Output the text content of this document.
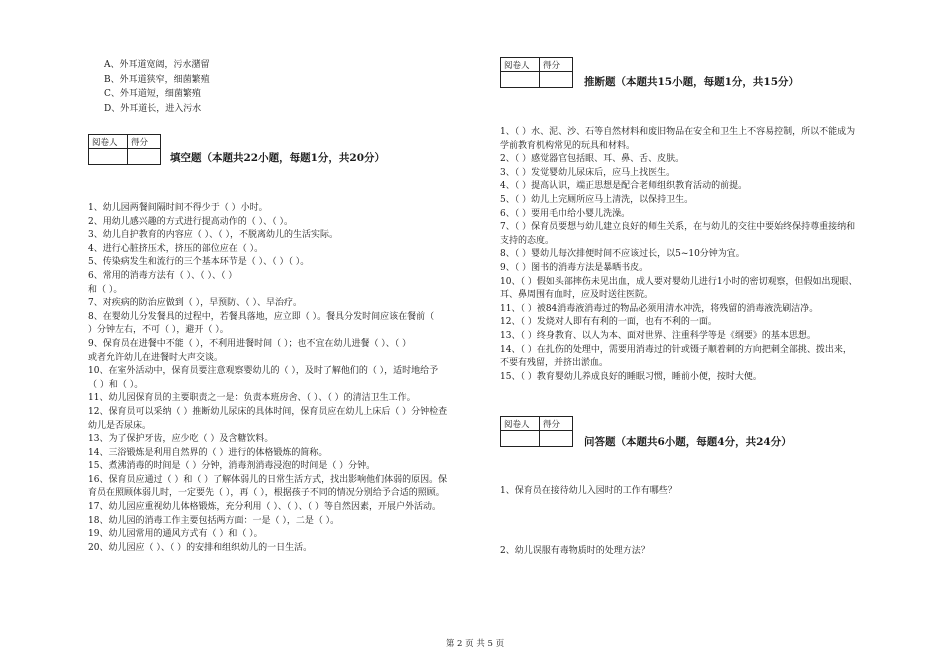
A、外耳道宽阔，污水潴留
B、外耳道狭窄，细菌繁殖
C、外耳道短，细菌繁殖
D、外耳道长，进入污水
阅卷人	得分

填空题（本题共22小题，每题1分，共20分）
1、幼儿园两餐间隔时间不得少于（ ）小时。
2、用幼儿感兴趣的方式进行提高动作的（ ）、（ ）。
3、幼儿自护教育的内容应（ ）、（ ），不脱离幼儿的生活实际。
4、进行心脏挤压术，挤压的部位应在（ ）。
5、传染病发生和流行的三个基本环节是（ ）、（ ）（ ）。
6、常用的消毒方法有（ ）、（ ）、（ ）
和（ ）。
7、对疾病的防治应做到（ ），早预防、（ ）、早治疗。
8、在婴幼儿分发餐具的过程中，若餐具落地，应立即（ ）。餐具分发时间应该在餐前（
）分钟左右，不可（ ），避开（ ）。
9、保育员在进餐中不能（ ），不利用进餐时间（ ）；也不宜在幼儿进餐（ ）、（ ）
或者允许幼儿在进餐时大声交谈。
10、在室外活动中，保育员要注意观察婴幼儿的（ ），及时了解他们的（ ），适时地给予
（ ）和（ ）。
11、幼儿园保育员的主要职责之一是：负责本班房舍、（ ）、（ ）的清洁卫生工作。
12、保育员可以采纳（ ）推断幼儿尿床的具体时间，保育员应在幼儿上床后（ ）分钟检查
幼儿是否尿床。
13、为了保护牙齿，应少吃（ ）及含糖饮料。
14、三浴锻炼是利用自然界的（ ）进行的体格锻炼的简称。
15、煮沸消毒的时间是（ ）分钟，消毒剂消毒浸泡的时间是（ ）分钟。
16、保育员应通过（ ）和（ ）了解体弱儿的日常生活方式，找出影响他们体弱的原因。保
育员在照顾体弱儿时，一定要先（ ），再（ ），根据孩子不同的情况分别给予合适的照顾。
17、幼儿园应重视幼儿体格锻炼，充分利用（ ）、（ ）、（ ）等自然因素，开展户外活动。
18、幼儿园的消毒工作主要包括两方面：一是（ ），二是（ ）。
19、幼儿园常用的通风方式有（ ）和（ ）。
20、幼儿园应（ ）、（ ）的安排和组织幼儿的一日生活。
阅卷人	得分

推断题（本题共15小题，每题1分，共15分）
1、（ ）水、泥、沙、石等自然材料和废旧物品在安全和卫生上不容易控制，所以不能成为
学前教育机构常见的玩具和材料。
2、（ ）感觉器官包括眼、耳、鼻、舌、皮肤。
3、（ ）发觉婴幼儿尿床后，应马上找医生。
4、（ ）提高认识，端正思想是配合老师组织教育活动的前提。
5、（ ）幼儿上完厕所应马上清洗，以保持卫生。
6、（ ）要用毛巾给小婴儿洗澡。
7、（ ）保育员要想与幼儿建立良好的师生关系，在与幼儿的交往中要始终保持尊重接纳和
支持的态度。
8、（ ）婴幼儿每次排便时间不应该过长，以5~10分钟为宜。
9、（ ）图书的消毒方法是暴晒书皮。
10、（ ）假如头部摔伤未见出血，成人要对婴幼儿进行1小时的密切观察，但假如出现眼、
耳、鼻周围有血时，应及时送往医院。
11、（ ）被84消毒液消毒过的物品必须用清水冲洗，将残留的消毒液洗刷洁净。
12、（ ）发烧对人即有有利的一面，也有不利的一面。
13、（ ）终身教育、以人为本、面对世界、注重科学等是《纲要》的基本思想。
14、（ ）在扎伤的处理中，需要用消毒过的针或镊子顺着刺的方向把刺全部挑、拨出来，
不要有残留，并挤出淤血。
15、（ ）教育婴幼儿养成良好的睡眠习惯，睡前小便，按时大便。
阅卷人	得分

问答题（本题共6小题，每题4分，共24分）
1、保育员在接待幼儿入园时的工作有哪些？
2、幼儿误服有毒物质时的处理方法？
第 2 页 共 5 页
